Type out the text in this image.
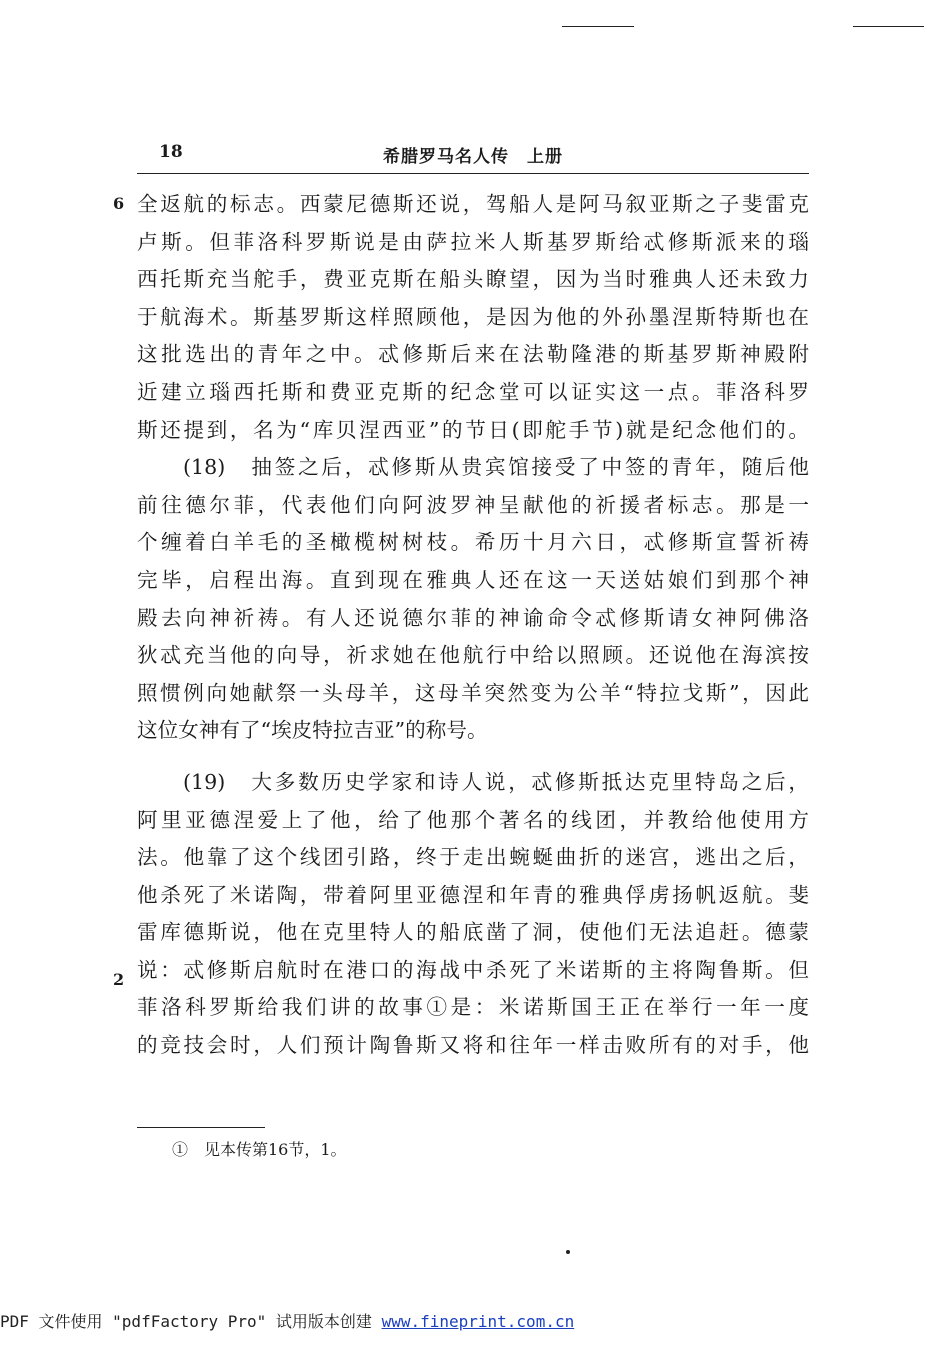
18	希腊罗马名人传　上册
6
2
全返航的标志。西蒙尼德斯还说，驾船人是阿马叙亚斯之子斐雷克
卢斯。但菲洛科罗斯说是由萨拉米人斯基罗斯给忒修斯派来的瑙
西托斯充当舵手，费亚克斯在船头瞭望，因为当时雅典人还未致力
于航海术。斯基罗斯这样照顾他，是因为他的外孙墨涅斯特斯也在
这批选出的青年之中。忒修斯后来在法勒隆港的斯基罗斯神殿附
近建立瑙西托斯和费亚克斯的纪念堂可以证实这一点。菲洛科罗
斯还提到，名为“库贝涅西亚”的节日(即舵手节)就是纪念他们的。
(18)　抽签之后，忒修斯从贵宾馆接受了中签的青年，随后他
前往德尔菲，代表他们向阿波罗神呈献他的祈援者标志。那是一
个缠着白羊毛的圣橄榄树树枝。希历十月六日，忒修斯宣誓祈祷
完毕，启程出海。直到现在雅典人还在这一天送姑娘们到那个神
殿去向神祈祷。有人还说德尔菲的神谕命令忒修斯请女神阿佛洛
狄忒充当他的向导，祈求她在他航行中给以照顾。还说他在海滨按
照惯例向她献祭一头母羊，这母羊突然变为公羊“特拉戈斯”，因此
这位女神有了“埃皮特拉吉亚”的称号。
(19)　大多数历史学家和诗人说，忒修斯抵达克里特岛之后，
阿里亚德涅爱上了他，给了他那个著名的线团，并教给他使用方
法。他靠了这个线团引路，终于走出蜿蜒曲折的迷宫，逃出之后，
他杀死了米诺陶，带着阿里亚德涅和年青的雅典俘虏扬帆返航。斐
雷库德斯说，他在克里特人的船底凿了洞，使他们无法追赶。德蒙
说：忒修斯启航时在港口的海战中杀死了米诺斯的主将陶鲁斯。但
菲洛科罗斯给我们讲的故事①是：米诺斯国王正在举行一年一度
的竞技会时，人们预计陶鲁斯又将和往年一样击败所有的对手，他
①　见本传第16节，1。
PDF 文件使用 "pdfFactory Pro" 试用版本创建 www.fineprint.com.cn
